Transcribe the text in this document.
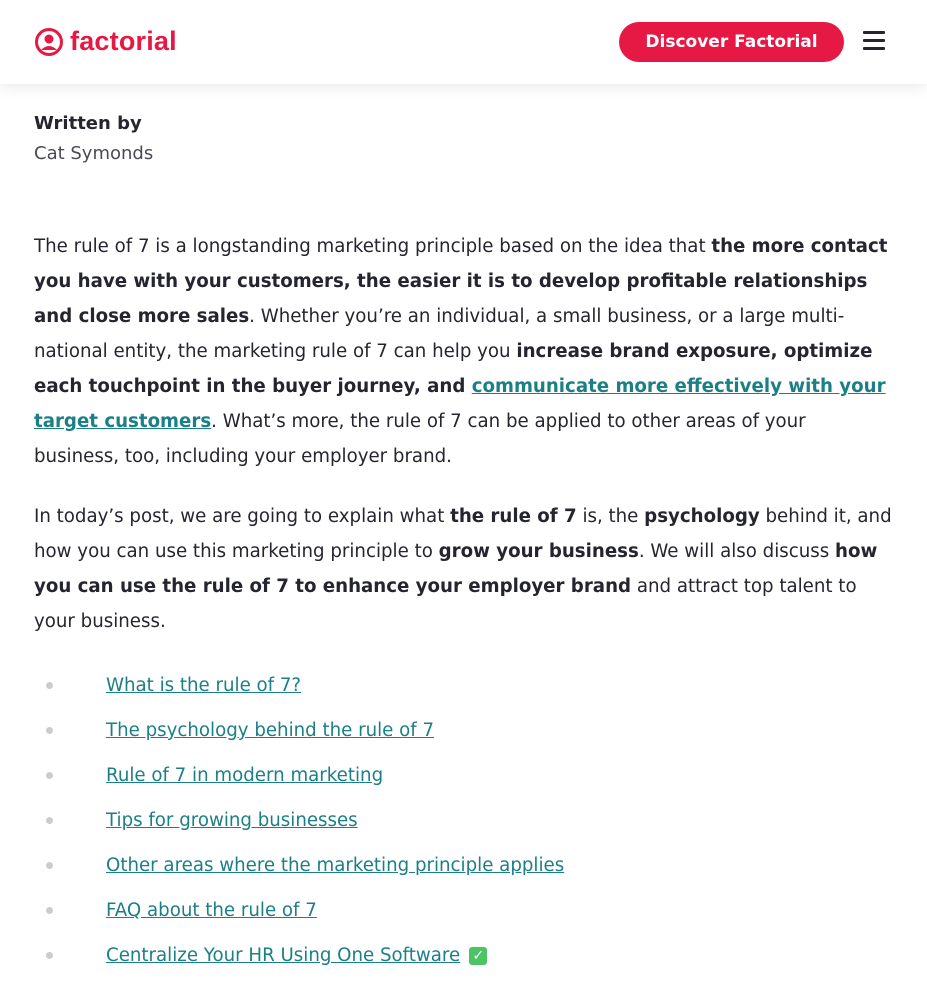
factorial	Discover Factorial
Written by
Cat Symonds

The rule of 7 is a longstanding marketing principle based on the idea that the more contact you have with your customers, the easier it is to develop profitable relationships and close more sales. Whether you’re an individual, a small business, or a large multi-national entity, the marketing rule of 7 can help you increase brand exposure, optimize each touchpoint in the buyer journey, and communicate more effectively with your target customers. What’s more, the rule of 7 can be applied to other areas of your business, too, including your employer brand.

In today’s post, we are going to explain what the rule of 7 is, the psychology behind it, and how you can use this marketing principle to grow your business. We will also discuss how you can use the rule of 7 to enhance your employer brand and attract top talent to your business.

What is the rule of 7?
The psychology behind the rule of 7
Rule of 7 in modern marketing
Tips for growing businesses
Other areas where the marketing principle applies
FAQ about the rule of 7
Centralize Your HR Using One Software ✓
